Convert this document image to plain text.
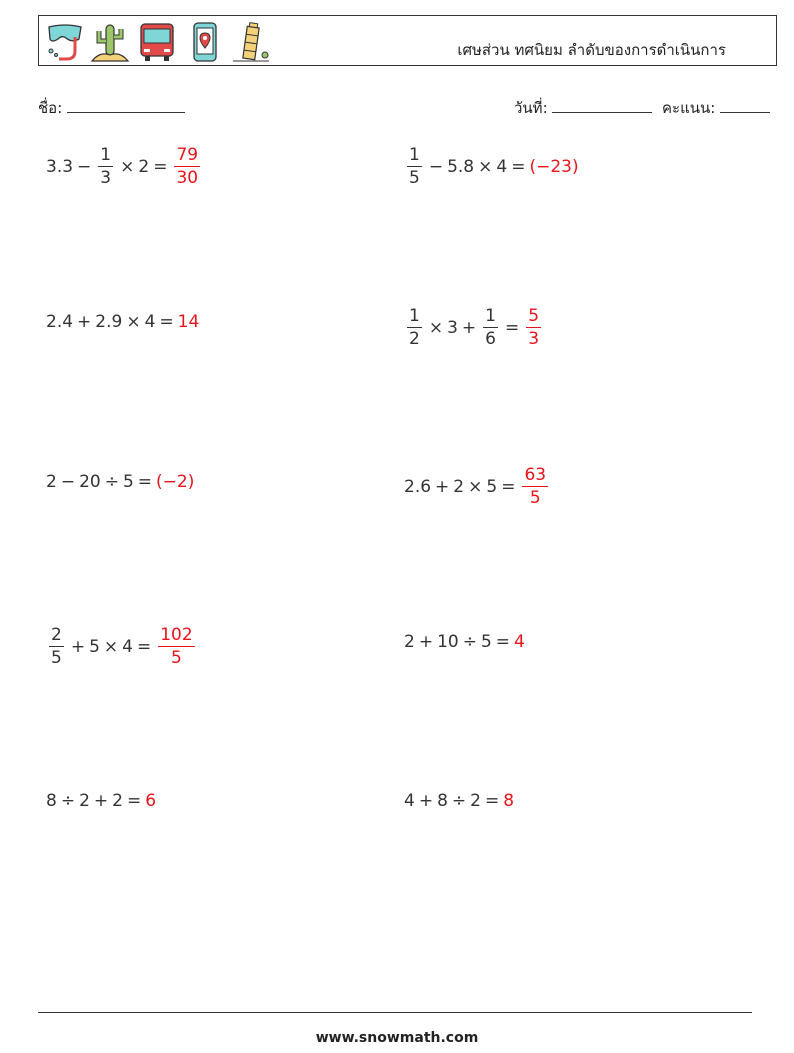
เศษส่วน ทศนิยม ลำดับของการดำเนินการ
ชื่อ:	วันที่:	คะแนน:
$3.3 - \frac{1}{3} \times 2 = \frac{79}{30}$	$\frac{1}{5} - 5.8 \times 4 = (-23)$
2.4 + 2.9 × 4 = 14	$\frac{1}{2} \times 3 + \frac{1}{6} = \frac{5}{3}$
2 − 20 ÷ 5 = (−2)	$2.6 + 2 \times 5 = \frac{63}{5}$
$\frac{2}{5} + 5 \times 4 = \frac{102}{5}$	2 + 10 ÷ 5 = 4
8 ÷ 2 + 2 = 6	4 + 8 ÷ 2 = 8
www.snowmath.com
